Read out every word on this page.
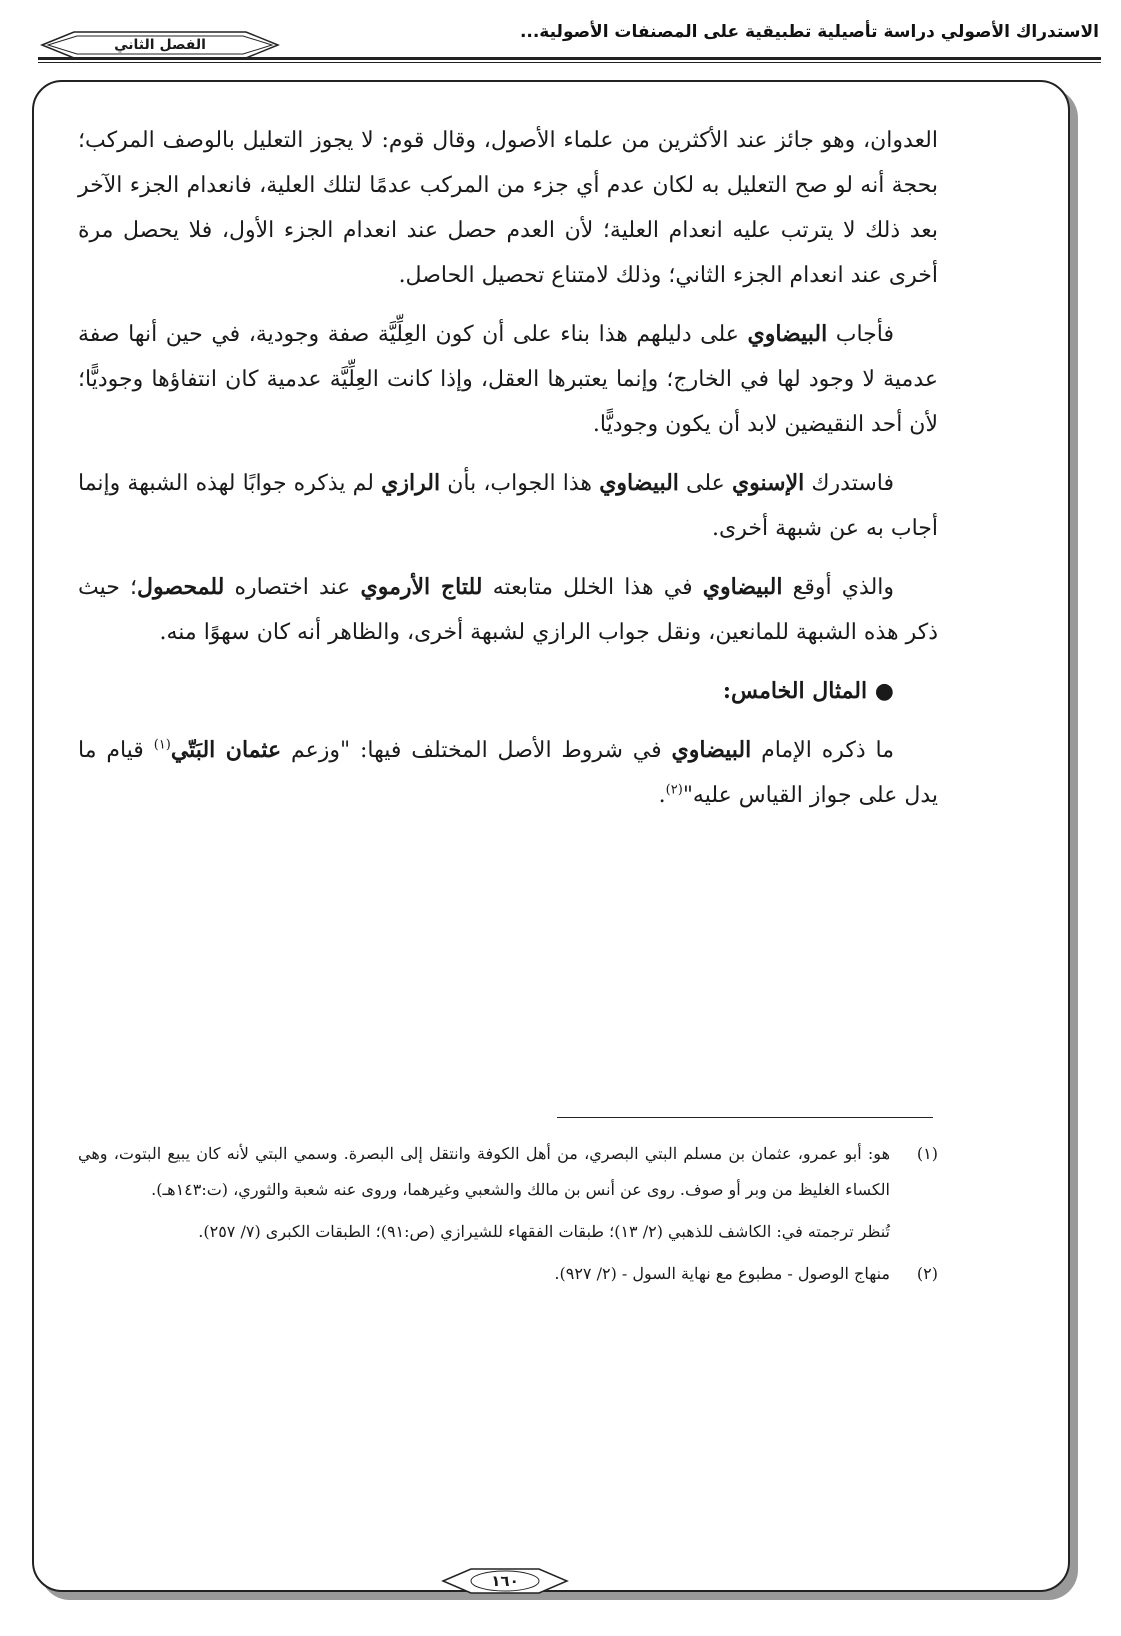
الاستدراك الأصولي دراسة تأصيلية تطبيقية على المصنفات الأصولية...
الفصل الثاني

العدوان، وهو جائز عند الأكثرين من علماء الأصول، وقال قوم: لا يجوز التعليل بالوصف المركب؛ بحجة أنه لو صح التعليل به لكان عدم أي جزء من المركب عدمًا لتلك العلية، فانعدام الجزء الآخر بعد ذلك لا يترتب عليه انعدام العلية؛ لأن العدم حصل عند انعدام الجزء الأول، فلا يحصل مرة أخرى عند انعدام الجزء الثاني؛ وذلك لامتناع تحصيل الحاصل.

فأجاب البيضاوي على دليلهم هذا بناء على أن كون العِلِّيَّة صفة وجودية، في حين أنها صفة عدمية لا وجود لها في الخارج؛ وإنما يعتبرها العقل، وإذا كانت العِلِّيَّة عدمية كان انتفاؤها وجوديًّا؛ لأن أحد النقيضين لابد أن يكون وجوديًّا.

فاستدرك الإسنوي على البيضاوي هذا الجواب، بأن الرازي لم يذكره جوابًا لهذه الشبهة وإنما أجاب به عن شبهة أخرى.

والذي أوقع البيضاوي في هذا الخلل متابعته للتاج الأرموي عند اختصاره للمحصول؛ حيث ذكر هذه الشبهة للمانعين، ونقل جواب الرازي لشبهة أخرى، والظاهر أنه كان سهوًا منه.

● المثال الخامس:

ما ذكره الإمام البيضاوي في شروط الأصل المختلف فيها: "وزعم عثمان البَتّي$^{(١)}$ قيام ما يدل على جواز القياس عليه"$^{(٢)}$.

(١)
هو: أبو عمرو، عثمان بن مسلم البتي البصري، من أهل الكوفة وانتقل إلى البصرة. وسمي البتي لأنه كان يبيع البتوت، وهي الكساء الغليظ من وبر أو صوف. روى عن أنس بن مالك والشعبي وغيرهما، وروى عنه شعبة والثوري، (ت:١٤٣هـ).
تُنظر ترجمته في: الكاشف للذهبي (٢/ ١٣)؛ طبقات الفقهاء للشيرازي (ص:٩١)؛ الطبقات الكبرى (٧/ ٢٥٧).
(٢)
منهاج الوصول - مطبوع مع نهاية السول - (٢/ ٩٢٧).
١٦٠
